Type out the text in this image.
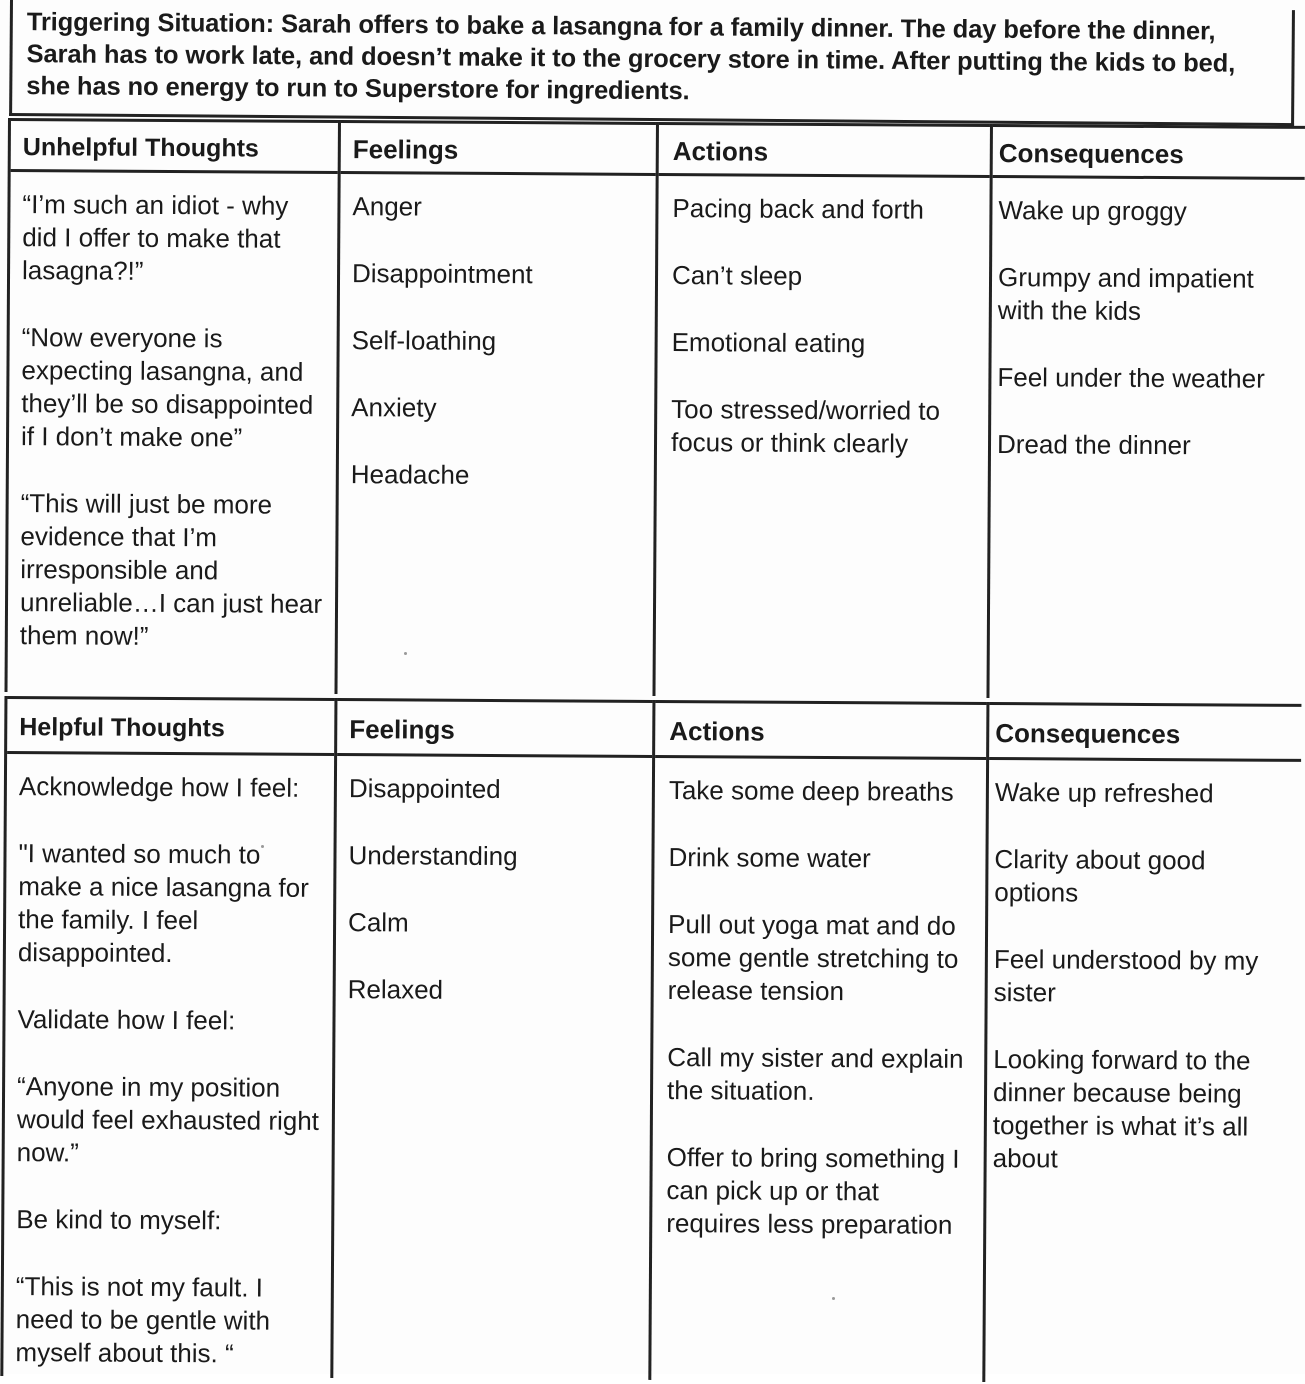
Triggering Situation: Sarah offers to bake a lasangna for a family dinner. The day before the dinner, Sarah has to work late, and doesn’t make it to the grocery store in time. After putting the kids to bed, she has no energy to run to Superstore for ingredients.

Unhelpful Thoughts
“I’m such an idiot - why did I offer to make that lasagna?!”
“Now everyone is expecting lasangna, and they’ll be so disappointed if I don’t make one”
“This will just be more evidence that I’m irresponsible and unreliable…I can just hear them now!”
Feelings
Anger
Disappointment
Self-loathing
Anxiety
Headache
Actions
Pacing back and forth
Can’t sleep
Emotional eating
Too stressed/worried to focus or think clearly
Consequences
Wake up groggy
Grumpy and impatient with the kids
Feel under the weather
Dread the dinner
Helpful Thoughts
Acknowledge how I feel:
"I wanted so much to make a nice lasangna for the family. I feel disappointed.
Validate how I feel:
“Anyone in my position would feel exhausted right now.”
Be kind to myself:
“This is not my fault. I need to be gentle with myself about this. “
Feelings
Disappointed
Understanding
Calm
Relaxed
Actions
Take some deep breaths
Drink some water
Pull out yoga mat and do some gentle stretching to release tension
Call my sister and explain the situation.
Offer to bring something I can pick up or that requires less preparation
Consequences
Wake up refreshed
Clarity about good options
Feel understood by my sister
Looking forward to the dinner because being together is what it’s all about
